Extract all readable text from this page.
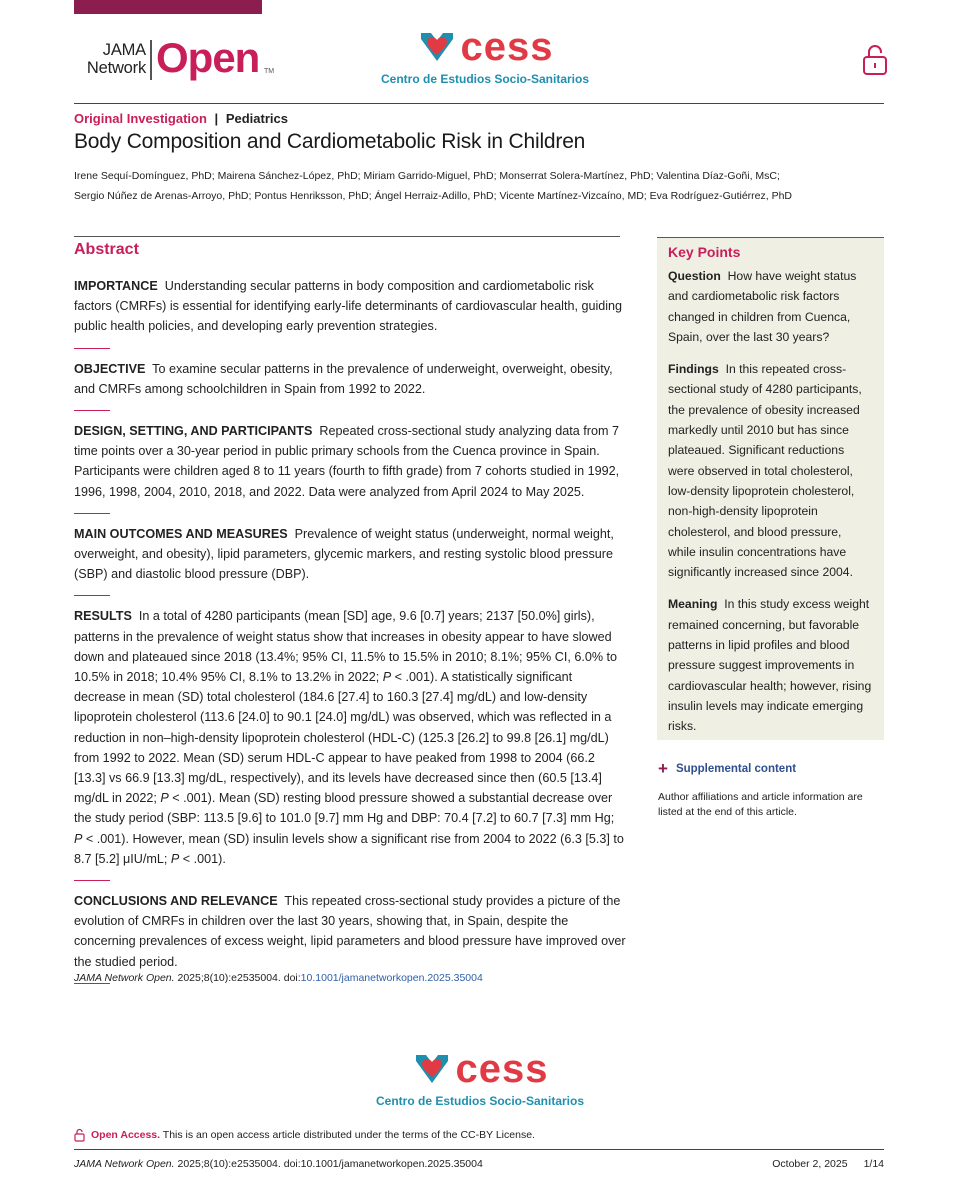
JAMA
Network Open TM
cess
Centro de Estudios Socio-Sanitarios
Original Investigation | Pediatrics
Body Composition and Cardiometabolic Risk in Children
Irene Sequí-Domínguez, PhD; Mairena Sánchez-López, PhD; Miriam Garrido-Miguel, PhD; Monserrat Solera-Martínez, PhD; Valentina Díaz-Goñi, MsC;
Sergio Núñez de Arenas-Arroyo, PhD; Pontus Henriksson, PhD; Ángel Herraiz-Adillo, PhD; Vicente Martínez-Vizcaíno, MD; Eva Rodríguez-Gutiérrez, PhD
Abstract

IMPORTANCE Understanding secular patterns in body composition and cardiometabolic risk factors (CMRFs) is essential for identifying early-life determinants of cardiovascular health, guiding public health policies, and developing early prevention strategies.

OBJECTIVE To examine secular patterns in the prevalence of underweight, overweight, obesity, and CMRFs among schoolchildren in Spain from 1992 to 2022.

DESIGN, SETTING, AND PARTICIPANTS Repeated cross-sectional study analyzing data from 7 time points over a 30-year period in public primary schools from the Cuenca province in Spain. Participants were children aged 8 to 11 years (fourth to fifth grade) from 7 cohorts studied in 1992, 1996, 1998, 2004, 2010, 2018, and 2022. Data were analyzed from April 2024 to May 2025.

MAIN OUTCOMES AND MEASURES Prevalence of weight status (underweight, normal weight, overweight, and obesity), lipid parameters, glycemic markers, and resting systolic blood pressure (SBP) and diastolic blood pressure (DBP).

RESULTS In a total of 4280 participants (mean [SD] age, 9.6 [0.7] years; 2137 [50.0%] girls), patterns in the prevalence of weight status show that increases in obesity appear to have slowed down and plateaued since 2018 (13.4%; 95% CI, 11.5% to 15.5% in 2010; 8.1%; 95% CI, 6.0% to 10.5% in 2018; 10.4% 95% CI, 8.1% to 13.2% in 2022; P < .001). A statistically significant decrease in mean (SD) total cholesterol (184.6 [27.4] to 160.3 [27.4] mg/dL) and low-density lipoprotein cholesterol (113.6 [24.0] to 90.1 [24.0] mg/dL) was observed, which was reflected in a reduction in non–high-density lipoprotein cholesterol (HDL-C) (125.3 [26.2] to 99.8 [26.1] mg/dL) from 1992 to 2022. Mean (SD) serum HDL-C appear to have peaked from 1998 to 2004 (66.2 [13.3] vs 66.9 [13.3] mg/dL, respectively), and its levels have decreased since then (60.5 [13.4] mg/dL in 2022; P < .001). Mean (SD) resting blood pressure showed a substantial decrease over the study period (SBP: 113.5 [9.6] to 101.0 [9.7] mm Hg and DBP: 70.4 [7.2] to 60.7 [7.3] mm Hg; P < .001). However, mean (SD) insulin levels show a significant rise from 2004 to 2022 (6.3 [5.3] to 8.7 [5.2] μIU/mL; P < .001).

CONCLUSIONS AND RELEVANCE This repeated cross-sectional study provides a picture of the evolution of CMRFs in children over the last 30 years, showing that, in Spain, despite the concerning prevalences of excess weight, lipid parameters and blood pressure have improved over the studied period.

JAMA Network Open. 2025;8(10):e2535004. doi:10.1001/jamanetworkopen.2025.35004
Key Points

Question How have weight status and cardiometabolic risk factors changed in children from Cuenca, Spain, over the last 30 years?

Findings In this repeated cross-sectional study of 4280 participants, the prevalence of obesity increased markedly until 2010 but has since plateaued. Significant reductions were observed in total cholesterol, low-density lipoprotein cholesterol, non-high-density lipoprotein cholesterol, and blood pressure, while insulin concentrations have significantly increased since 2004.

Meaning In this study excess weight remained concerning, but favorable patterns in lipid profiles and blood pressure suggest improvements in cardiovascular health; however, rising insulin levels may indicate emerging risks.

+ Supplemental content
Author affiliations and article information are listed at the end of this article.
cess
Centro de Estudios Socio-Sanitarios
Open Access. This is an open access article distributed under the terms of the CC-BY License.
JAMA Network Open. 2025;8(10):e2535004. doi:10.1001/jamanetworkopen.2025.35004	October 2, 2025 1/14
